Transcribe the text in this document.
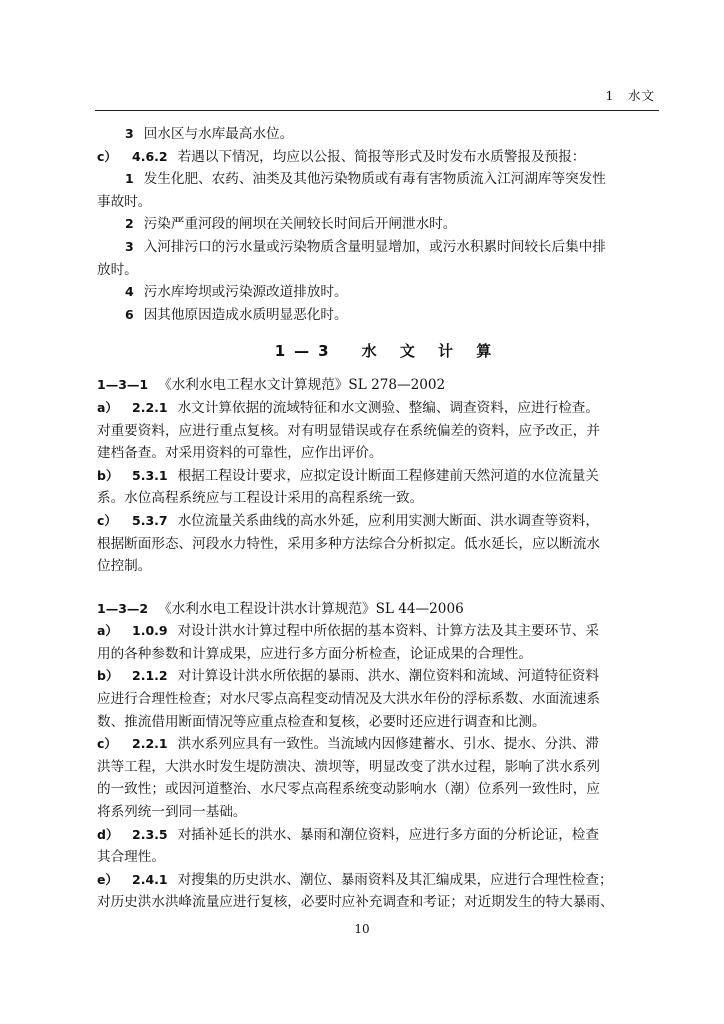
1　水文
3 回水区与水库最高水位。
c） 4.6.2 若遇以下情况，均应以公报、简报等形式及时发布水质警报及预报：
1 发生化肥、农药、油类及其他污染物质或有毒有害物质流入江河湖库等突发性
事故时。
2 污染严重河段的闸坝在关闸较长时间后开闸泄水时。
3 入河排污口的污水量或污染物质含量明显增加，或污水积累时间较长后集中排
放时。
4 污水库垮坝或污染源改道排放时。
6 因其他原因造成水质明显恶化时。
1—3　水 文 计 算
1—3—1 《水利水电工程水文计算规范》SL 278—2002
a） 2.2.1 水文计算依据的流域特征和水文测验、整编、调查资料，应进行检查。
对重要资料，应进行重点复核。对有明显错误或存在系统偏差的资料，应予改正，并
建档备查。对采用资料的可靠性，应作出评价。
b） 5.3.1 根据工程设计要求，应拟定设计断面工程修建前天然河道的水位流量关
系。水位高程系统应与工程设计采用的高程系统一致。
c） 5.3.7 水位流量关系曲线的高水外延，应利用实测大断面、洪水调查等资料，
根据断面形态、河段水力特性，采用多种方法综合分析拟定。低水延长，应以断流水
位控制。
1—3—2 《水利水电工程设计洪水计算规范》SL 44—2006
a） 1.0.9 对设计洪水计算过程中所依据的基本资料、计算方法及其主要环节、采
用的各种参数和计算成果，应进行多方面分析检查，论证成果的合理性。
b） 2.1.2 对计算设计洪水所依据的暴雨、洪水、潮位资料和流域、河道特征资料
应进行合理性检查；对水尺零点高程变动情况及大洪水年份的浮标系数、水面流速系
数、推流借用断面情况等应重点检查和复核，必要时还应进行调查和比测。
c） 2.2.1 洪水系列应具有一致性。当流域内因修建蓄水、引水、提水、分洪、滞
洪等工程，大洪水时发生堤防溃决、溃坝等，明显改变了洪水过程，影响了洪水系列
的一致性；或因河道整治、水尺零点高程系统变动影响水（潮）位系列一致性时，应
将系列统一到同一基础。
d） 2.3.5 对插补延长的洪水、暴雨和潮位资料，应进行多方面的分析论证，检查
其合理性。
e） 2.4.1 对搜集的历史洪水、潮位、暴雨资料及其汇编成果，应进行合理性检查；
对历史洪水洪峰流量应进行复核，必要时应补充调查和考证；对近期发生的特大暴雨、
10
